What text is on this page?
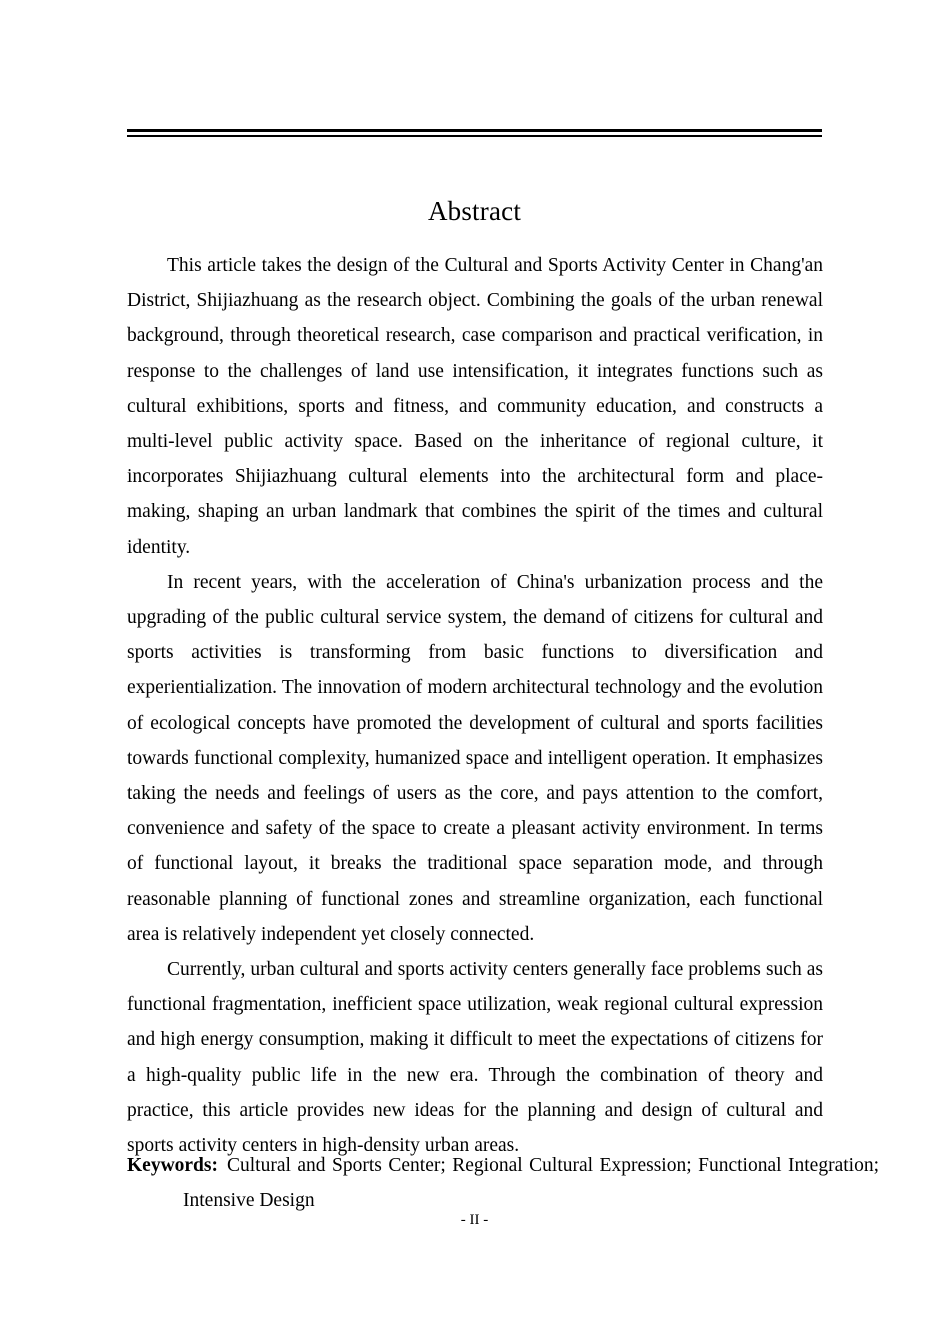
Abstract

This article takes the design of the Cultural and Sports Activity Center in Chang'an District, Shijiazhuang as the research object. Combining the goals of the urban renewal background, through theoretical research, case comparison and practical verification, in response to the challenges of land use intensification, it integrates functions such as cultural exhibitions, sports and fitness, and community education, and constructs a multi-level public activity space. Based on the inheritance of regional culture, it incorporates Shijiazhuang cultural elements into the architectural form and place-making, shaping an urban landmark that combines the spirit of the times and cultural identity.

In recent years, with the acceleration of China's urbanization process and the upgrading of the public cultural service system, the demand of citizens for cultural and sports activities is transforming from basic functions to diversification and experientialization. The innovation of modern architectural technology and the evolution of ecological concepts have promoted the development of cultural and sports facilities towards functional complexity, humanized space and intelligent operation. It emphasizes taking the needs and feelings of users as the core, and pays attention to the comfort, convenience and safety of the space to create a pleasant activity environment. In terms of functional layout, it breaks the traditional space separation mode, and through reasonable planning of functional zones and streamline organization, each functional area is relatively independent yet closely connected.

Currently, urban cultural and sports activity centers generally face problems such as functional fragmentation, inefficient space utilization, weak regional cultural expression and high energy consumption, making it difficult to meet the expectations of citizens for a high-quality public life in the new era. Through the combination of theory and practice, this article provides new ideas for the planning and design of cultural and sports activity centers in high-density urban areas.

Keywords: Cultural and Sports Center; Regional Cultural Expression; Functional Integration; Intensive Design

- II -
